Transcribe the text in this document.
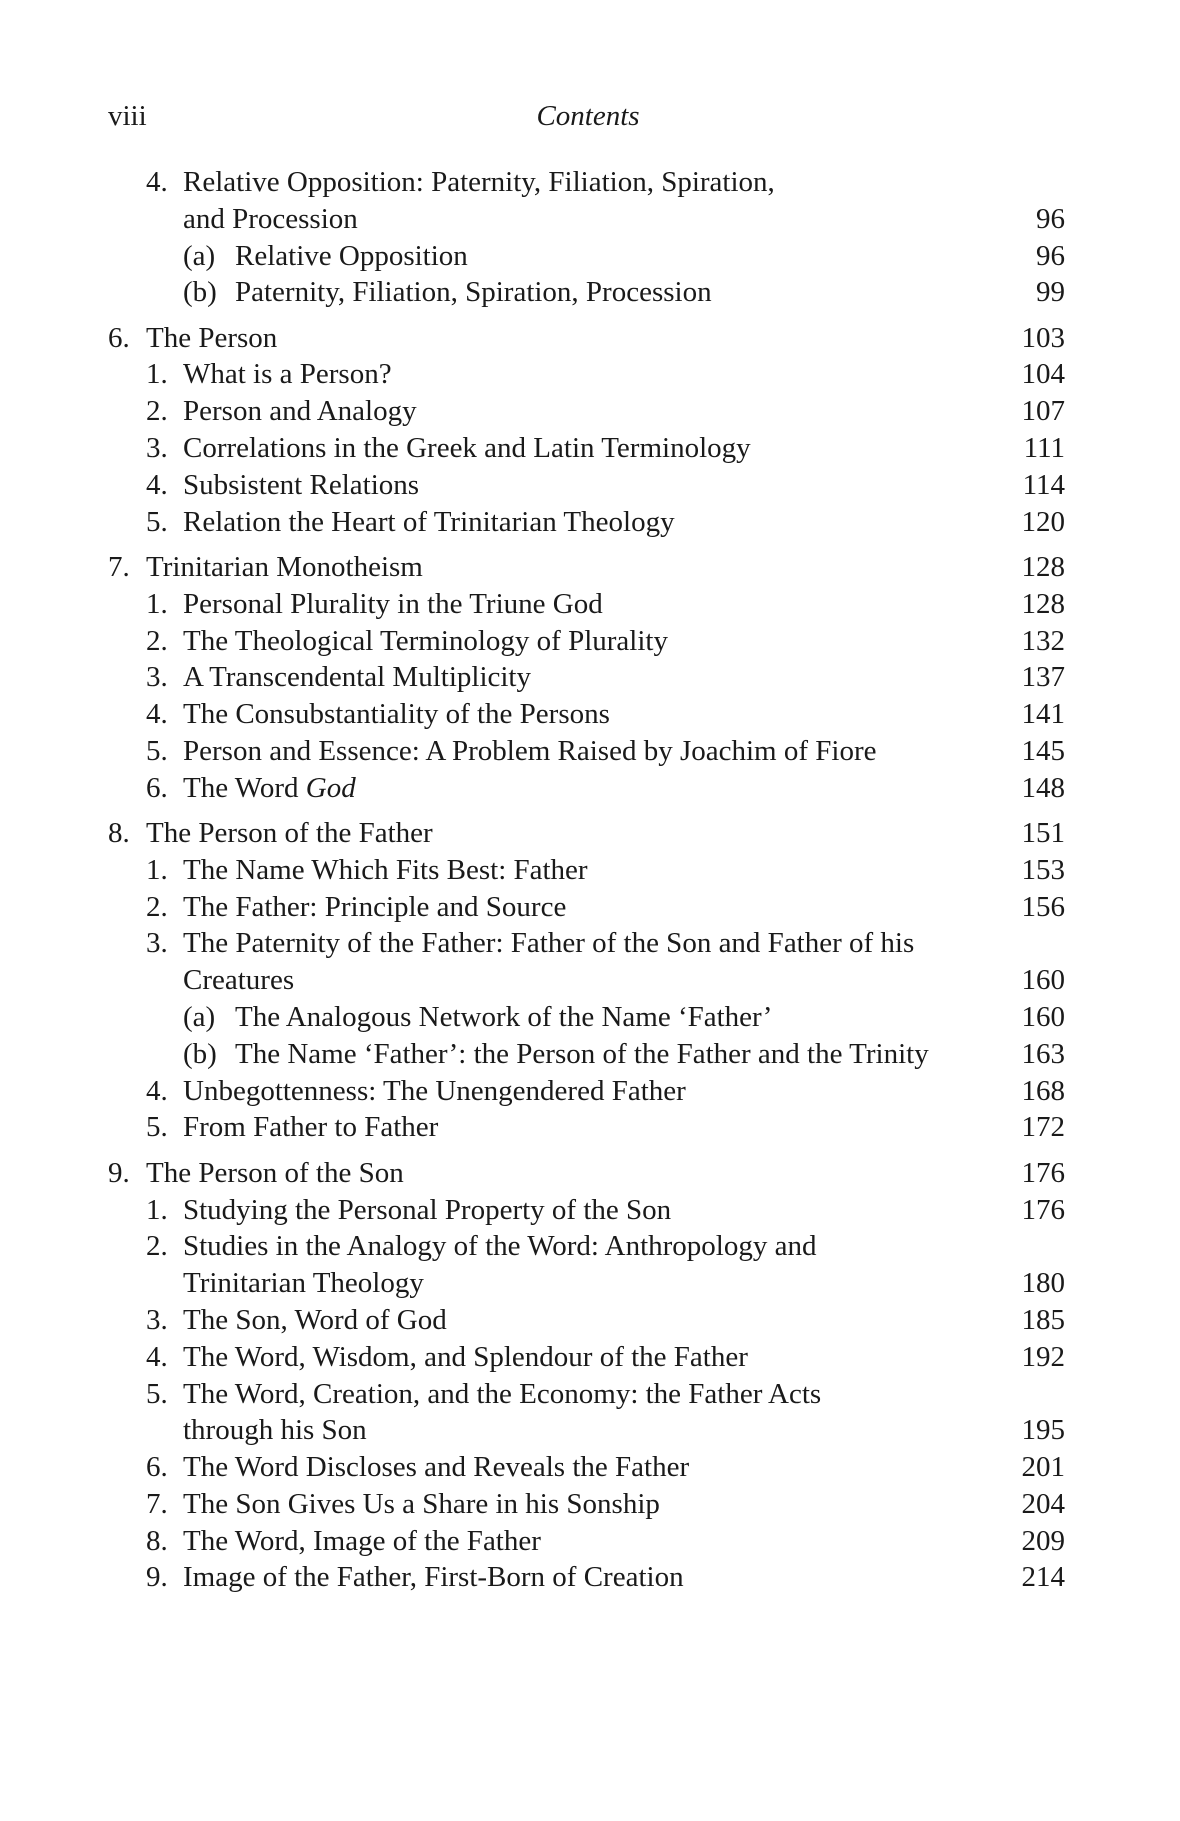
viii	Contents
4. Relative Opposition: Paternity, Filiation, Spiration,
and Procession	96
(a) Relative Opposition	96
(b) Paternity, Filiation, Spiration, Procession	99
6. The Person	103
1. What is a Person?	104
2. Person and Analogy	107
3. Correlations in the Greek and Latin Terminology	111
4. Subsistent Relations	114
5. Relation the Heart of Trinitarian Theology	120
7. Trinitarian Monotheism	128
1. Personal Plurality in the Triune God	128
2. The Theological Terminology of Plurality	132
3. A Transcendental Multiplicity	137
4. The Consubstantiality of the Persons	141
5. Person and Essence: A Problem Raised by Joachim of Fiore	145
6. The Word God	148
8. The Person of the Father	151
1. The Name Which Fits Best: Father	153
2. The Father: Principle and Source	156
3. The Paternity of the Father: Father of the Son and Father of his
Creatures	160
(a) The Analogous Network of the Name ‘Father’	160
(b) The Name ‘Father’: the Person of the Father and the Trinity	163
4. Unbegottenness: The Unengendered Father	168
5. From Father to Father	172
9. The Person of the Son	176
1. Studying the Personal Property of the Son	176
2. Studies in the Analogy of the Word: Anthropology and
Trinitarian Theology	180
3. The Son, Word of God	185
4. The Word, Wisdom, and Splendour of the Father	192
5. The Word, Creation, and the Economy: the Father Acts
through his Son	195
6. The Word Discloses and Reveals the Father	201
7. The Son Gives Us a Share in his Sonship	204
8. The Word, Image of the Father	209
9. Image of the Father, First-Born of Creation	214
